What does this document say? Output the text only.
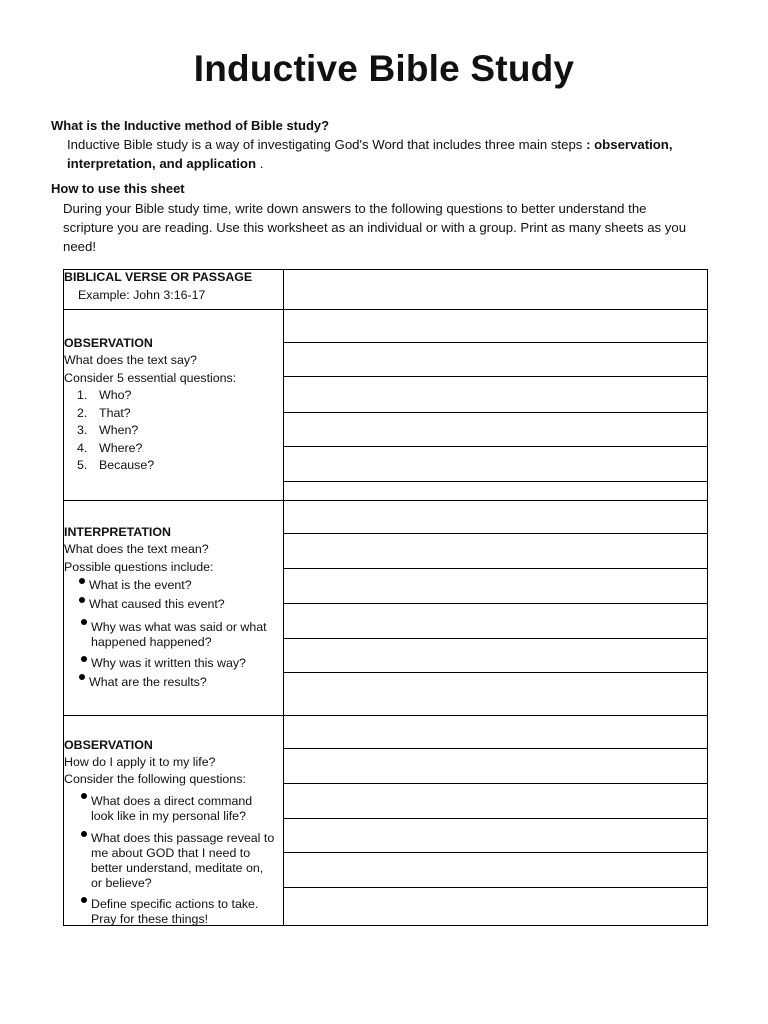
Inductive Bible Study
What is the Inductive method of Bible study?
Inductive Bible study is a way of investigating God's Word that includes three main steps : observation,
interpretation, and application .
How to use this sheet
During your Bible study time, write down answers to the following questions to better understand the
scripture you are reading. Use this worksheet as an individual or with a group. Print as many sheets as you
need!
BIBLICAL VERSE OR PASSAGE
Example: John 3:16-17
OBSERVATION
What does the text say?
Consider 5 essential questions:
1. Who?
2. That?
3. When?
4. Where?
5. Because?
INTERPRETATION
What does the text mean?
Possible questions include:
What is the event?
What caused this event?
Why was what was said or what
happened happened?
Why was it written this way?
What are the results?
OBSERVATION
How do I apply it to my life?
Consider the following questions:
What does a direct command
look like in my personal life?
What does this passage reveal to
me about GOD that I need to
better understand, meditate on,
or believe?
Define specific actions to take.
Pray for these things!
